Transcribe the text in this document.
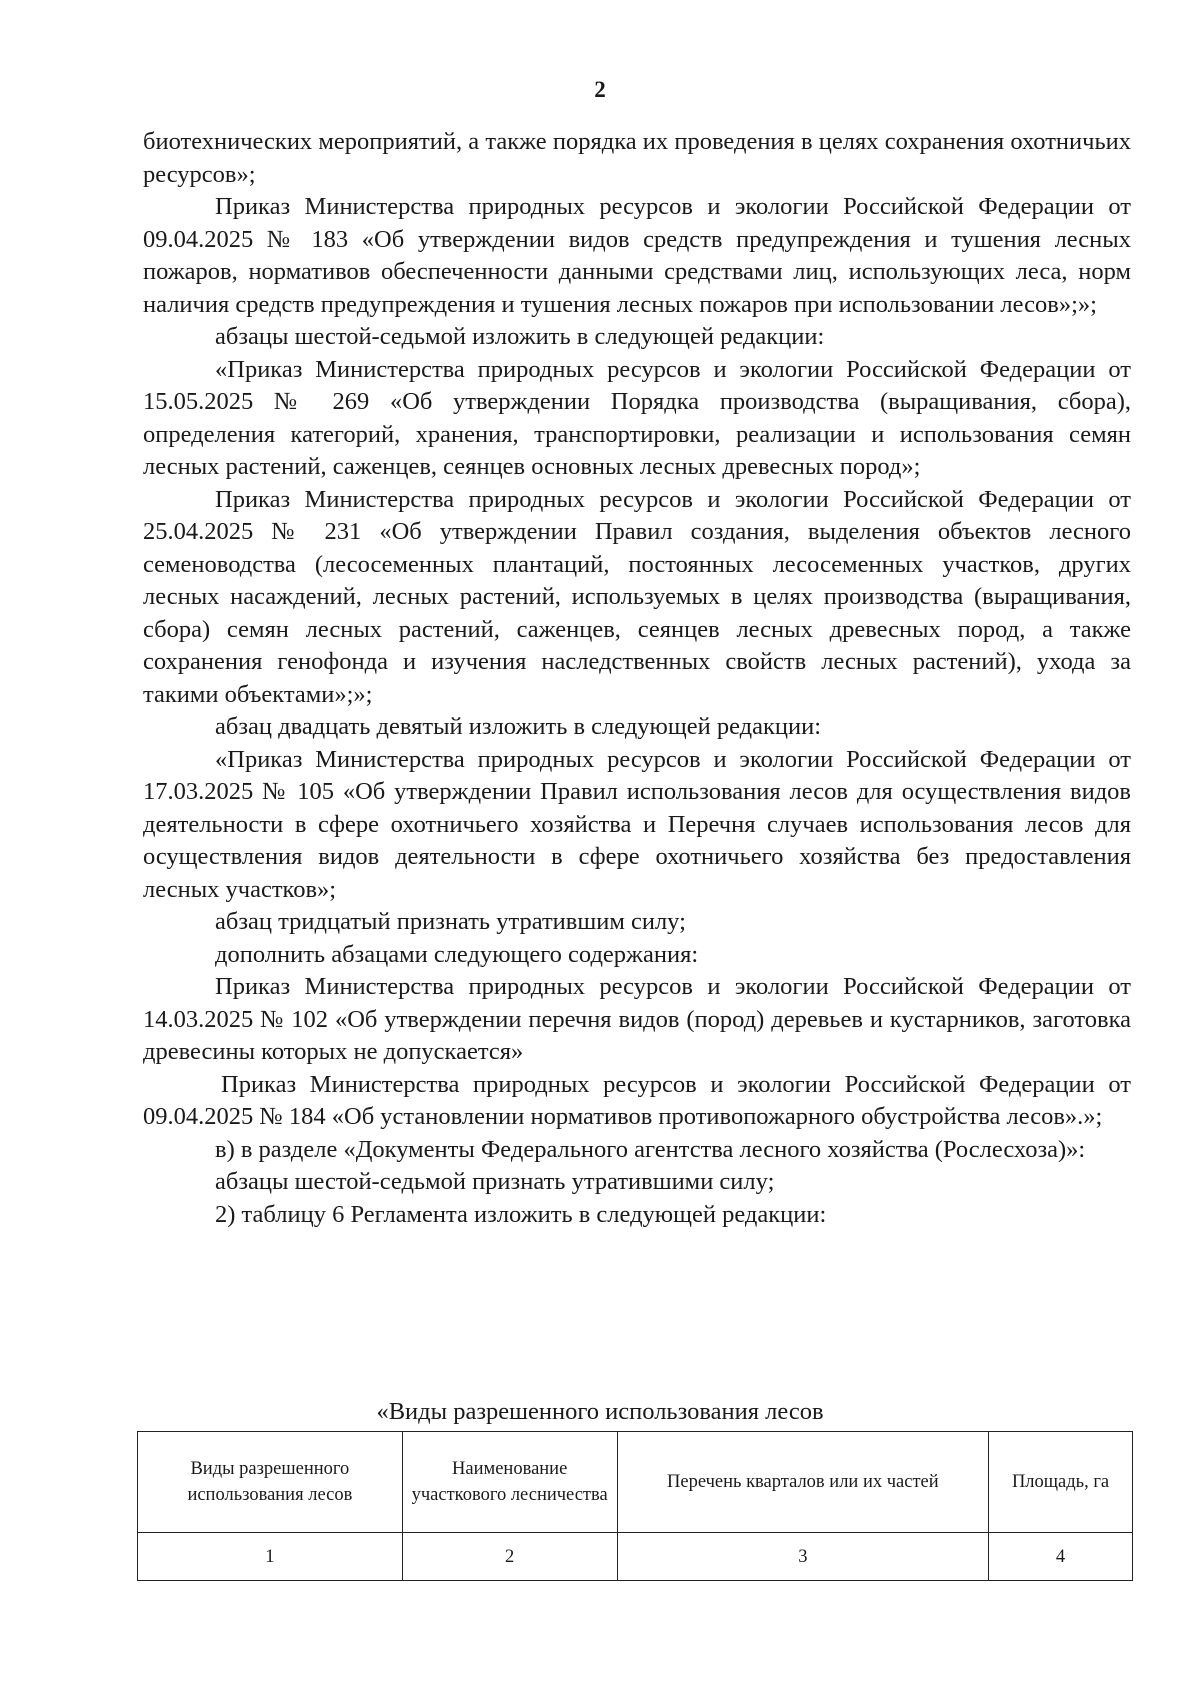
2

биотехнических мероприятий, а также порядка их проведения в целях сохранения охотничьих ресурсов»;

Приказ Министерства природных ресурсов и экологии Российской Федерации от 09.04.2025 № 183 «Об утверждении видов средств предупреждения и тушения лесных пожаров, нормативов обеспеченности данными средствами лиц, использующих леса, норм наличия средств предупреждения и тушения лесных пожаров при использовании лесов»;»;

абзацы шестой-седьмой изложить в следующей редакции:

«Приказ Министерства природных ресурсов и экологии Российской Федерации от 15.05.2025 № 269 «Об утверждении Порядка производства (выращивания, сбора), определения категорий, хранения, транспортировки, реализации и использования семян лесных растений, саженцев, сеянцев основных лесных древесных пород»;

Приказ Министерства природных ресурсов и экологии Российской Федерации от 25.04.2025 № 231 «Об утверждении Правил создания, выделения объектов лесного семеноводства (лесосеменных плантаций, постоянных лесосеменных участков, других лесных насаждений, лесных растений, используемых в целях производства (выращивания, сбора) семян лесных растений, саженцев, сеянцев лесных древесных пород, а также сохранения генофонда и изучения наследственных свойств лесных растений), ухода за такими объектами»;»;

абзац двадцать девятый изложить в следующей редакции:

«Приказ Министерства природных ресурсов и экологии Российской Федерации от 17.03.2025 № 105 «Об утверждении Правил использования лесов для осуществления видов деятельности в сфере охотничьего хозяйства и Перечня случаев использования лесов для осуществления видов деятельности в сфере охотничьего хозяйства без предоставления лесных участков»;

абзац тридцатый признать утратившим силу;

дополнить абзацами следующего содержания:

Приказ Министерства природных ресурсов и экологии Российской Федерации от 14.03.2025 № 102 «Об утверждении перечня видов (пород) деревьев и кустарников, заготовка древесины которых не допускается»

Приказ Министерства природных ресурсов и экологии Российской Федерации от 09.04.2025 № 184 «Об установлении нормативов противопожарного обустройства лесов».»;

в) в разделе «Документы Федерального агентства лесного хозяйства (Рослесхоза)»:

абзацы шестой-седьмой признать утратившими силу;

2) таблицу 6 Регламента изложить в следующей редакции:

«Виды разрешенного использования лесов
Виды разрешенного использования лесов	Наименование участкового лесничества	Перечень кварталов или их частей	Площадь, га
1	2	3	4
